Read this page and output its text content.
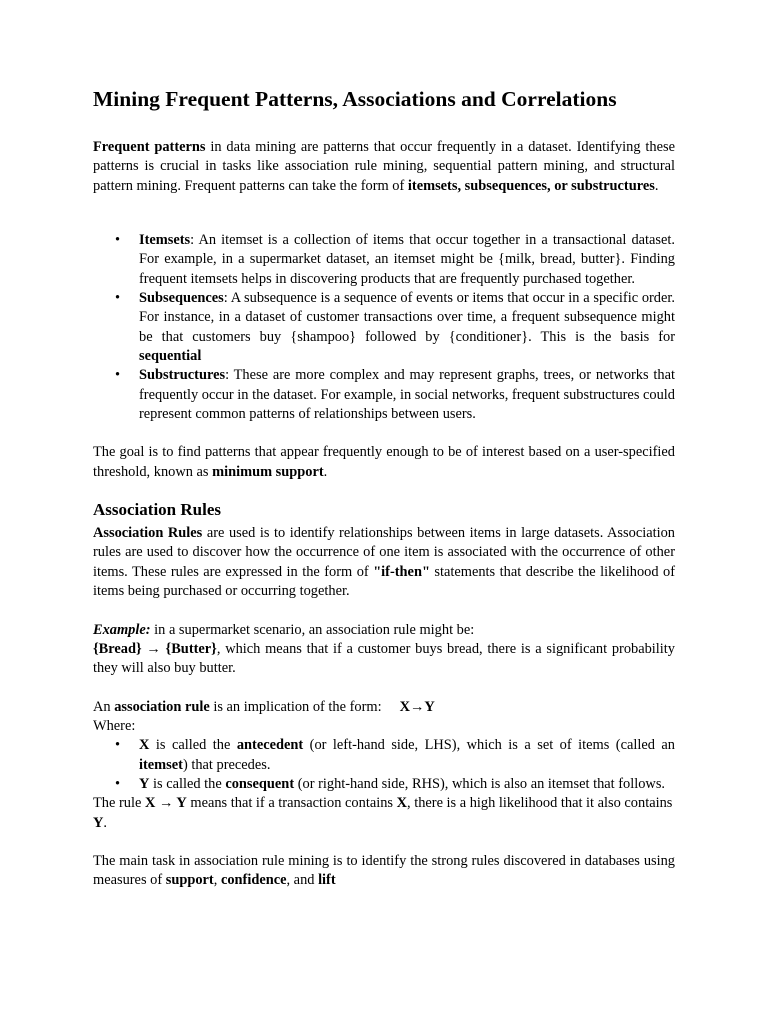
Mining Frequent Patterns, Associations and Correlations

Frequent patterns in data mining are patterns that occur frequently in a dataset. Identifying these patterns is crucial in tasks like association rule mining, sequential pattern mining, and structural pattern mining. Frequent patterns can take the form of itemsets, subsequences, or substructures.

• Itemsets: An itemset is a collection of items that occur together in a transactional dataset. For example, in a supermarket dataset, an itemset might be {milk, bread, butter}. Finding frequent itemsets helps in discovering products that are frequently purchased together.
• Subsequences: A subsequence is a sequence of events or items that occur in a specific order. For instance, in a dataset of customer transactions over time, a frequent subsequence might be that customers buy {shampoo} followed by {conditioner}. This is the basis for sequential
• Substructures: These are more complex and may represent graphs, trees, or networks that frequently occur in the dataset. For example, in social networks, frequent substructures could represent common patterns of relationships between users.

The goal is to find patterns that appear frequently enough to be of interest based on a user-specified threshold, known as minimum support.

Association Rules

Association Rules are used is to identify relationships between items in large datasets. Association rules are used to discover how the occurrence of one item is associated with the occurrence of other items. These rules are expressed in the form of "if-then" statements that describe the likelihood of items being purchased or occurring together.

Example: in a supermarket scenario, an association rule might be:

{Bread} → {Butter}, which means that if a customer buys bread, there is a significant probability they will also buy butter.

An association rule is an implication of the form: X→Y

Where:

• X is called the antecedent (or left-hand side, LHS), which is a set of items (called an itemset) that precedes.
• Y is called the consequent (or right-hand side, RHS), which is also an itemset that follows.

The rule X → Y means that if a transaction contains X, there is a high likelihood that it also contains Y.

The main task in association rule mining is to identify the strong rules discovered in databases using measures of support, confidence, and lift
